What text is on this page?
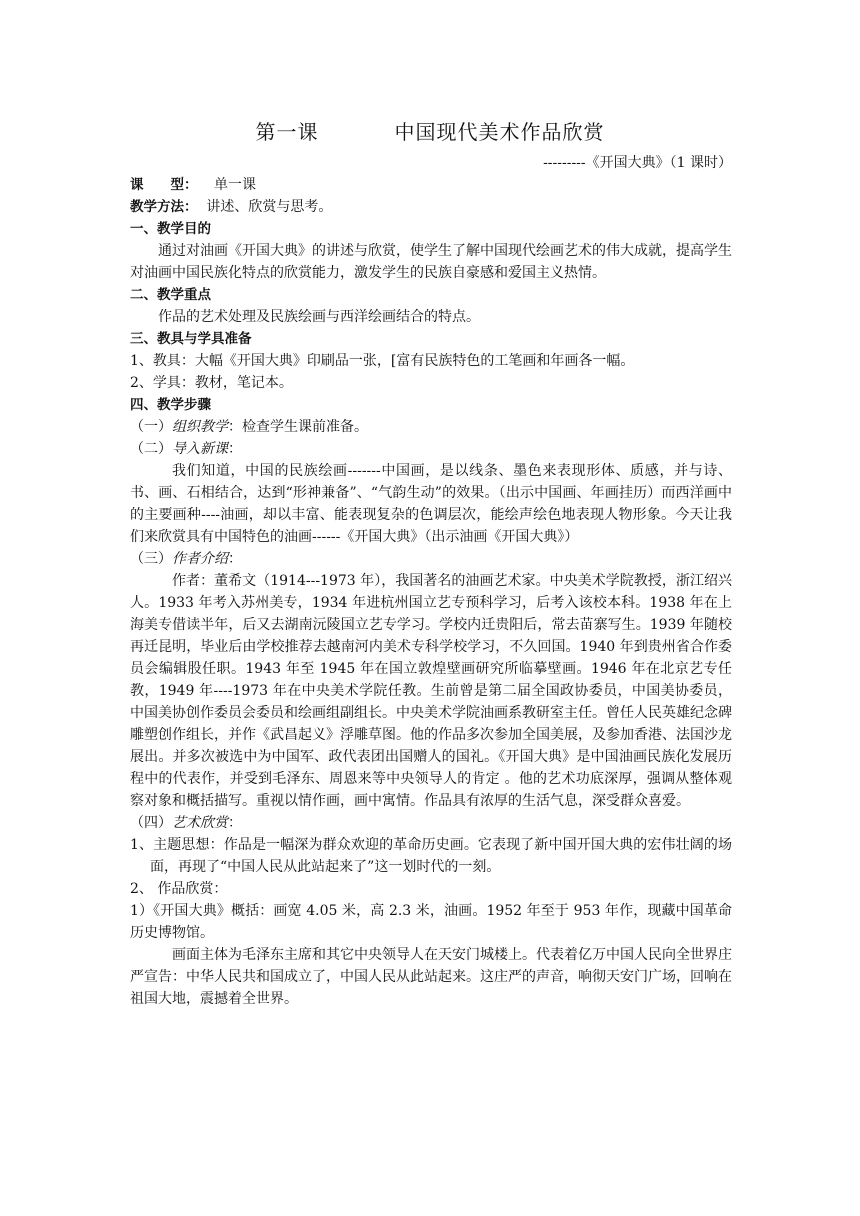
第一课	中国现代美术作品欣赏
---------《开国大典》（1 课时）
课　　型： 单一课
教学方法： 讲述、欣赏与思考。
一、教学目的
通过对油画《开国大典》的讲述与欣赏，使学生了解中国现代绘画艺术的伟大成就，提高学生对油画中国民族化特点的欣赏能力，激发学生的民族自豪感和爱国主义热情。
二、教学重点
作品的艺术处理及民族绘画与西洋绘画结合的特点。
三、教具与学具准备
1、教具：大幅《开国大典》印刷品一张，[富有民族特色的工笔画和年画各一幅。
2、学具：教材，笔记本。
四、教学步骤
（一）组织教学：检查学生课前准备。
（二）导入新课：
我们知道，中国的民族绘画-------中国画，是以线条、墨色来表现形体、质感，并与诗、书、画、石相结合，达到“形神兼备”、“气韵生动”的效果。（出示中国画、年画挂历）而西洋画中的主要画种----油画，却以丰富、能表现复杂的色调层次，能绘声绘色地表现人物形象。今天让我们来欣赏具有中国特色的油画------《开国大典》（出示油画《开国大典》）
（三）作者介绍：
作者：董希文（1914---1973 年），我国著名的油画艺术家。中央美术学院教授，浙江绍兴人。1933 年考入苏州美专，1934 年进杭州国立艺专预科学习，后考入该校本科。1938 年在上海美专借读半年，后又去湖南沅陵国立艺专学习。学校内迁贵阳后，常去苗寨写生。1939 年随校再迁昆明，毕业后由学校推荐去越南河内美术专科学校学习，不久回国。1940 年到贵州省合作委员会编辑股任职。1943 年至 1945 年在国立敦煌壁画研究所临摹壁画。1946 年在北京艺专任教，1949 年----1973 年在中央美术学院任教。生前曾是第二届全国政协委员，中国美协委员，中国美协创作委员会委员和绘画组副组长。中央美术学院油画系教研室主任。曾任人民英雄纪念碑雕塑创作组长，并作《武昌起义》浮雕草图。他的作品多次参加全国美展，及参加香港、法国沙龙展出。并多次被选中为中国军、政代表团出国赠人的国礼。《开国大典》是中国油画民族化发展历程中的代表作，并受到毛泽东、周恩来等中央领导人的肯定 。他的艺术功底深厚，强调从整体观察对象和概括描写。重视以情作画，画中寓情。作品具有浓厚的生活气息，深受群众喜爱。
（四）艺术欣赏：
1、主题思想：作品是一幅深为群众欢迎的革命历史画。它表现了新中国开国大典的宏伟壮阔的场面，再现了“中国人民从此站起来了”这一划时代的一刻。
2、 作品欣赏：
1）《开国大典》概括：画宽 4.05 米，高 2.3 米，油画。1952 年至于 953 年作，现藏中国革命历史博物馆。
画面主体为毛泽东主席和其它中央领导人在天安门城楼上。代表着亿万中国人民向全世界庄严宣告：中华人民共和国成立了，中国人民从此站起来。这庄严的声音，响彻天安门广场，回响在祖国大地，震撼着全世界。
